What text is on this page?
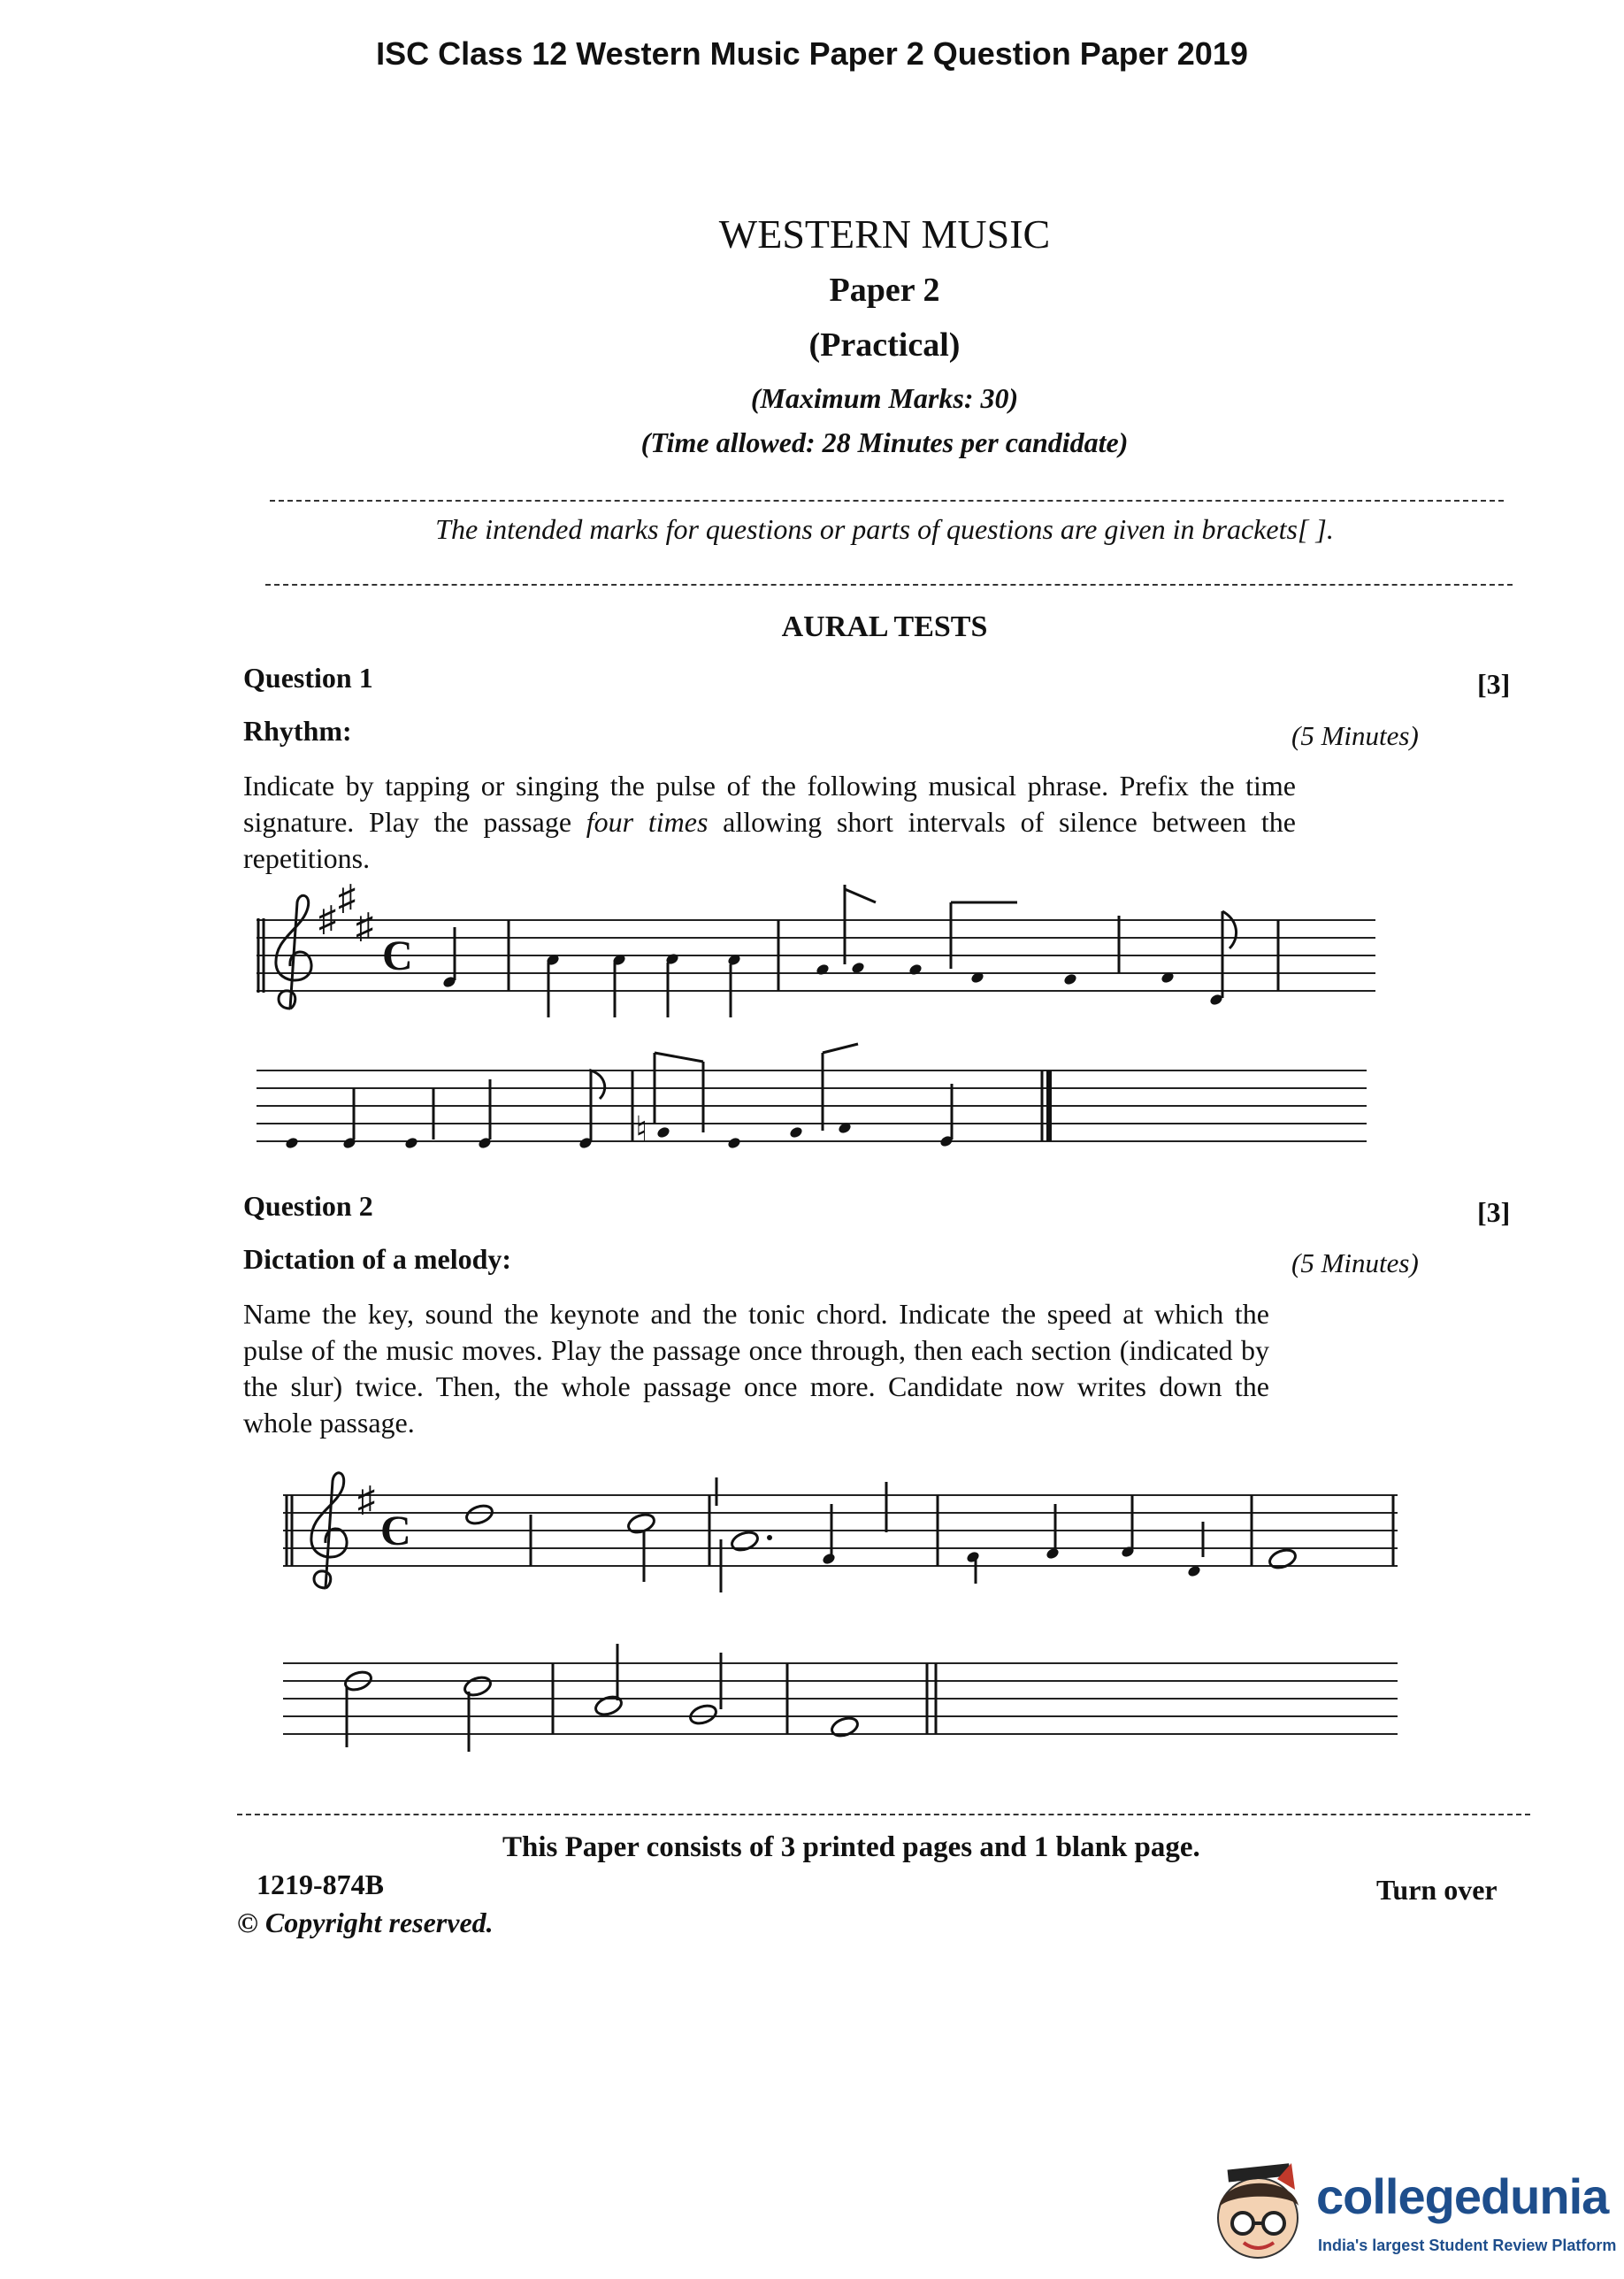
ISC Class 12 Western Music Paper 2 Question Paper 2019
WESTERN MUSIC
Paper 2
(Practical)
(Maximum Marks: 30)
(Time allowed: 28 Minutes per candidate)
The intended marks for questions or parts of questions are given in brackets[ ].
AURAL TESTS
Question 1	[3]
Rhythm:	(5 Minutes)
Indicate by tapping or singing the pulse of the following musical phrase. Prefix the time signature. Play the passage four times allowing short intervals of silence between the repetitions.
♯
♯
♯
C
♮
Question 2	[3]
Dictation of a melody:	(5 Minutes)
Name the key, sound the keynote and the tonic chord. Indicate the speed at which the pulse of the music moves. Play the passage once through, then each section (indicated by the slur) twice. Then, the whole passage once more. Candidate now writes down the whole passage.
♯
C
This Paper consists of 3 printed pages and 1 blank page.
1219-874B	Turn over
© Copyright reserved.
collegedunia
India's largest Student Review Platform
